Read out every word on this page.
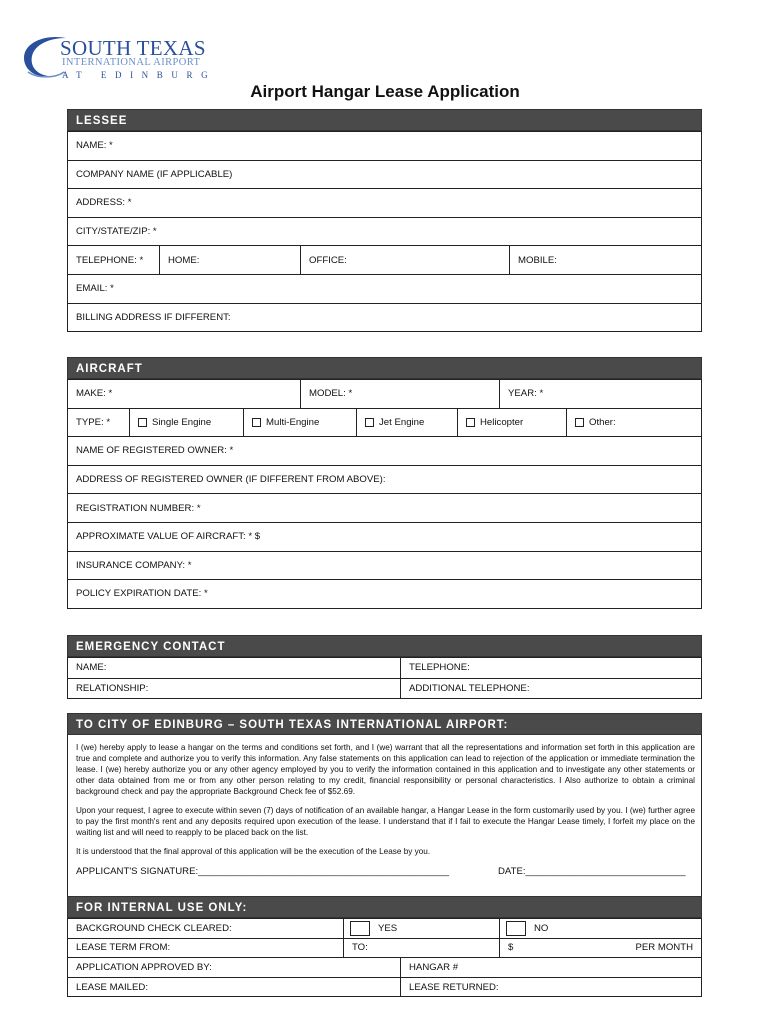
SOUTH TEXAS
INTERNATIONAL AIRPORT
AT EDINBURG
Airport Hangar Lease Application
LESSEE
NAME: *
COMPANY NAME (IF APPLICABLE)
ADDRESS: *
CITY/STATE/ZIP: *
TELEPHONE: *	HOME:	OFFICE:	MOBILE:
EMAIL: *
BILLING ADDRESS IF DIFFERENT:
AIRCRAFT
MAKE: *	MODEL: *	YEAR: *
TYPE: *	Single Engine	Multi-Engine	Jet Engine	Helicopter	Other:
NAME OF REGISTERED OWNER: *
ADDRESS OF REGISTERED OWNER (IF DIFFERENT FROM ABOVE):
REGISTRATION NUMBER: *
APPROXIMATE VALUE OF AIRCRAFT: * $
INSURANCE COMPANY: *
POLICY EXPIRATION DATE: *
EMERGENCY CONTACT
NAME:	TELEPHONE:
RELATIONSHIP:	ADDITIONAL TELEPHONE:
TO CITY OF EDINBURG – SOUTH TEXAS INTERNATIONAL AIRPORT:

I (we) hereby apply to lease a hangar on the terms and conditions set forth, and I (we) warrant that all the representations and information set forth in this application are true and complete and authorize you to verify this information. Any false statements on this application can lead to rejection of the application or immediate termination the lease. I (we) hereby authorize you or any other agency employed by you to verify the information contained in this application and to investigate any other statements or other data obtained from me or from any other person relating to my credit, financial responsibility or personal characteristics. I Also authorize to obtain a criminal background check and pay the appropriate Background Check fee of $52.69.

Upon your request, I agree to execute within seven (7) days of notification of an available hangar, a Hangar Lease in the form customarily used by you. I (we) further agree to pay the first month's rent and any deposits required upon execution of the lease. I understand that if I fail to execute the Hangar Lease timely, I forfeit my place on the waiting list and will need to reapply to be placed back on the list.

It is understood that the final approval of this application will be the execution of the Lease by you.

APPLICANT'S SIGNATURE:_______________________________________________	DATE:______________________________
FOR INTERNAL USE ONLY:
BACKGROUND CHECK CLEARED:	YES	NO
LEASE TERM FROM:	TO:	$	PER MONTH
APPLICATION APPROVED BY:	HANGAR #
LEASE MAILED:	LEASE RETURNED:
